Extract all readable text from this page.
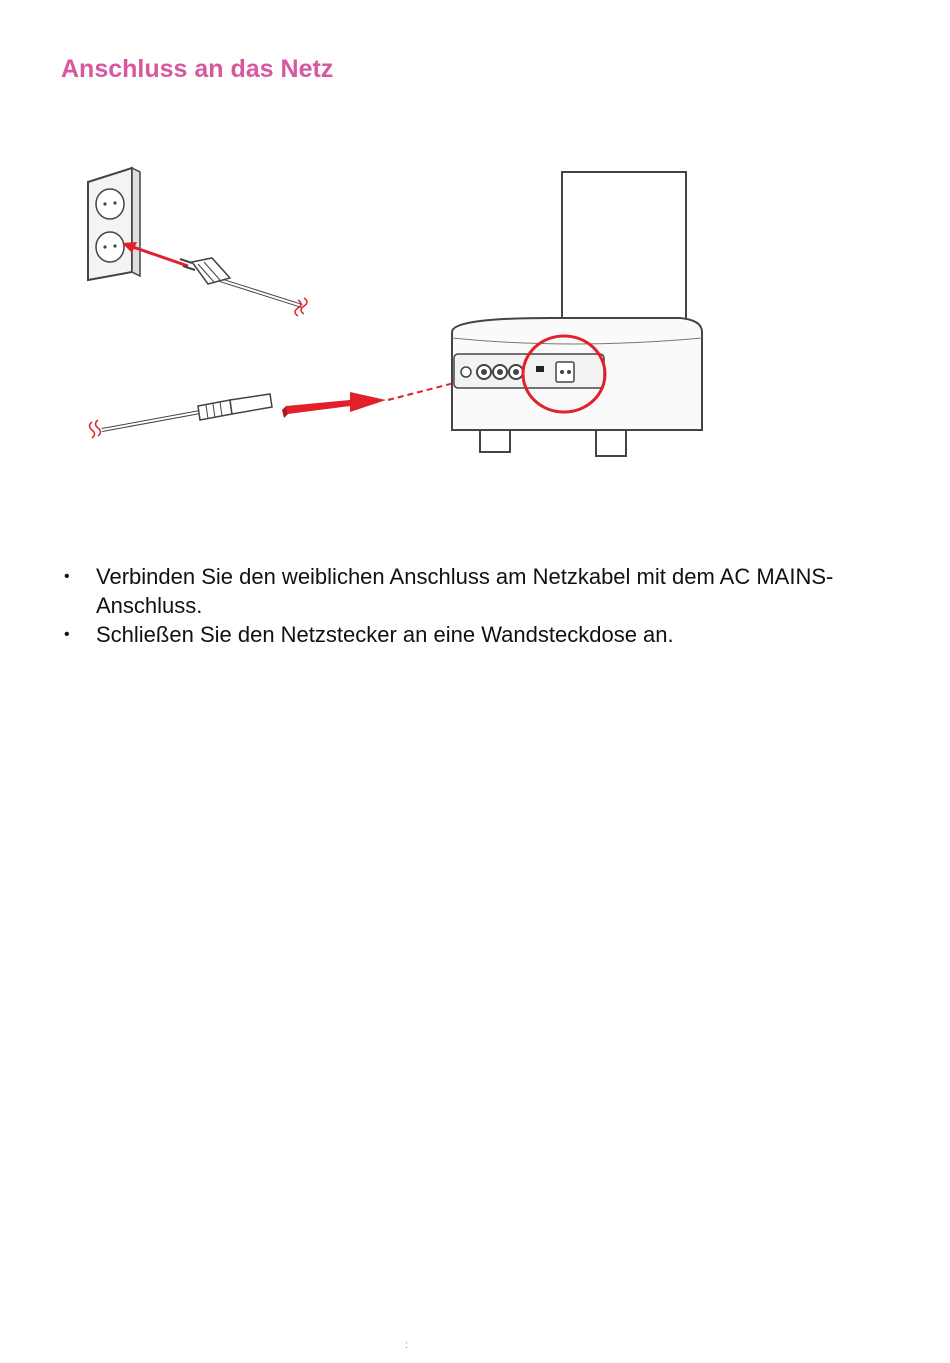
Anschluss an das Netz
• Verbinden Sie den weiblichen Anschluss am Netzkabel mit dem AC MAINS-Anschluss.
• Schließen Sie den Netzstecker an eine Wandsteckdose an.
:
